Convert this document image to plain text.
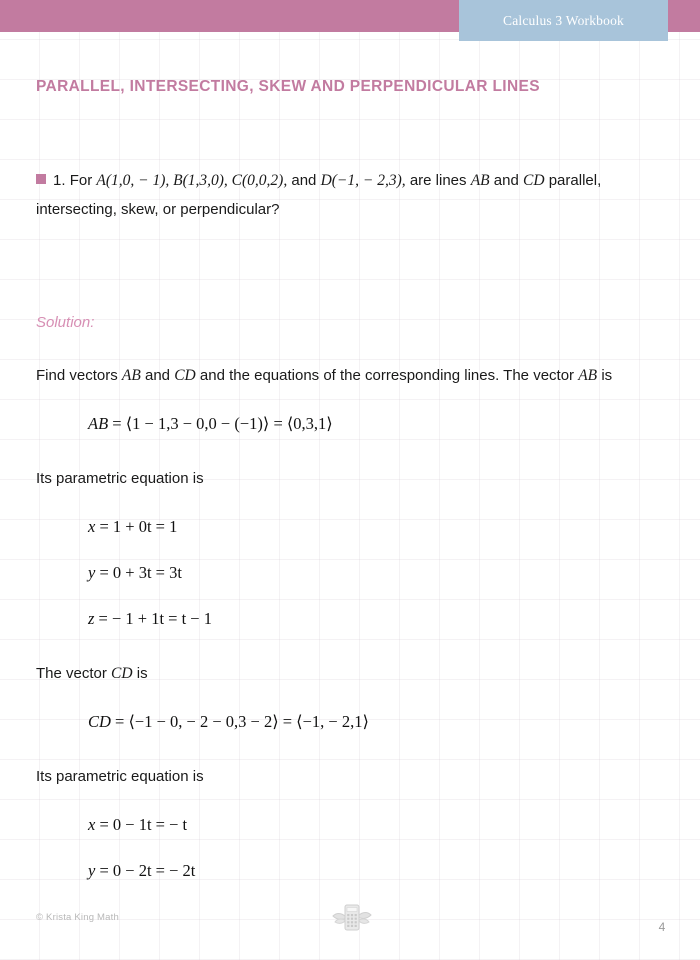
Calculus 3 Workbook
PARALLEL, INTERSECTING, SKEW AND PERPENDICULAR LINES
1. For A(1,0, − 1), B(1,3,0), C(0,0,2), and D(−1, − 2,3), are lines AB and CD parallel, intersecting, skew, or perpendicular?
Solution:
Find vectors AB and CD and the equations of the corresponding lines. The vector AB is
AB = ⟨1 − 1,3 − 0,0 − (−1)⟩ = ⟨0,3,1⟩
Its parametric equation is
x = 1 + 0t = 1
y = 0 + 3t = 3t
z = − 1 + 1t = t − 1
The vector CD is
CD = ⟨−1 − 0, − 2 − 0,3 − 2⟩ = ⟨−1, − 2,1⟩
Its parametric equation is
x = 0 − 1t = − t
y = 0 − 2t = − 2t
© Krista King Math
4
